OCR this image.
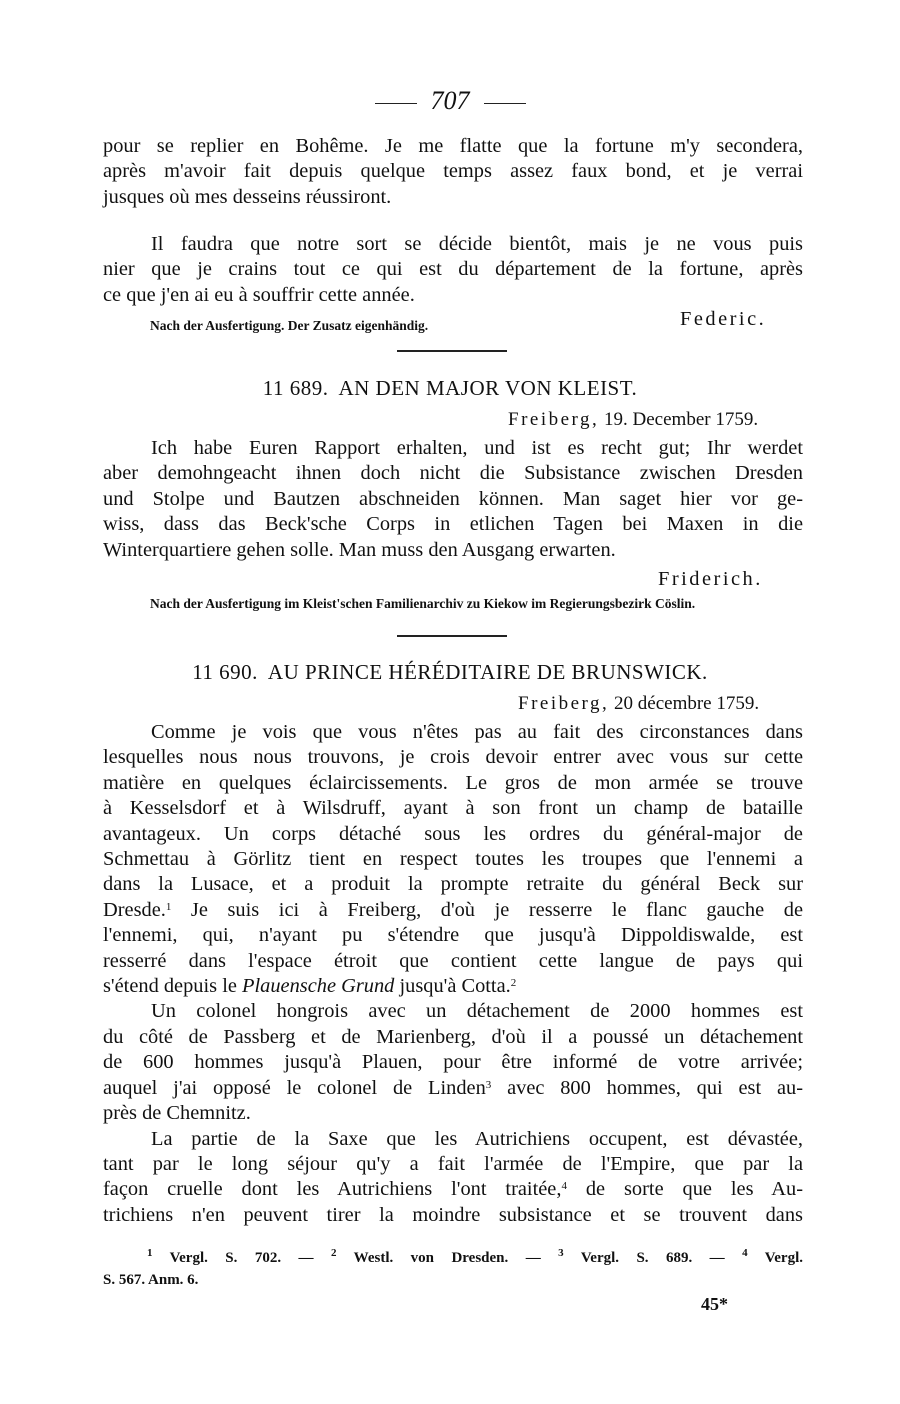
707

pour se replier en Bohême. Je me flatte que la fortune m'y secondera,

après m'avoir fait depuis quelque temps assez faux bond, et je verrai

jusques où mes desseins réussiront.

Il faudra que notre sort se décide bientôt, mais je ne vous puis

nier que je crains tout ce qui est du département de la fortune, après

ce que j'en ai eu à souffrir cette année.

Nach der Ausfertigung. Der Zusatz eigenhändig.	Federic.
11 689. AN DEN MAJOR VON KLEIST.
Freiberg, 19. December 1759.

Ich habe Euren Rapport erhalten, und ist es recht gut; Ihr werdet

aber demohngeacht ihnen doch nicht die Subsistance zwischen Dresden

und Stolpe und Bautzen abschneiden können. Man saget hier vor ge-

wiss, dass das Beck'sche Corps in etlichen Tagen bei Maxen in die

Winterquartiere gehen solle. Man muss den Ausgang erwarten.

Friderich.
Nach der Ausfertigung im Kleist'schen Familienarchiv zu Kiekow im Regierungsbezirk Cöslin.
11 690. AU PRINCE HÉRÉDITAIRE DE BRUNSWICK.
Freiberg, 20 décembre 1759.

Comme je vois que vous n'êtes pas au fait des circonstances dans

lesquelles nous nous trouvons, je crois devoir entrer avec vous sur cette

matière en quelques éclaircissements. Le gros de mon armée se trouve

à Kesselsdorf et à Wilsdruff, ayant à son front un champ de bataille

avantageux. Un corps détaché sous les ordres du général-major de

Schmettau à Görlitz tient en respect toutes les troupes que l'ennemi a

dans la Lusace, et a produit la prompte retraite du général Beck sur

Dresde.$^1$ Je suis ici à Freiberg, d'où je resserre le flanc gauche de

l'ennemi, qui, n'ayant pu s'étendre que jusqu'à Dippoldiswalde, est

resserré dans l'espace étroit que contient cette langue de pays qui

s'étend depuis le Plauensche Grund jusqu'à Cotta.$^2$

Un colonel hongrois avec un détachement de 2000 hommes est

du côté de Passberg et de Marienberg, d'où il a poussé un détachement

de 600 hommes jusqu'à Plauen, pour être informé de votre arrivée;

auquel j'ai opposé le colonel de Linden$^3$ avec 800 hommes, qui est au-

près de Chemnitz.

La partie de la Saxe que les Autrichiens occupent, est dévastée,

tant par le long séjour qu'y a fait l'armée de l'Empire, que par la

façon cruelle dont les Autrichiens l'ont traitée,$^4$ de sorte que les Au-

trichiens n'en peuvent tirer la moindre subsistance et se trouvent dans

$^1$ Vergl. S. 702. — $^2$ Westl. von Dresden. — $^3$ Vergl. S. 689. — $^4$ Vergl.

S. 567. Anm. 6.

45*
